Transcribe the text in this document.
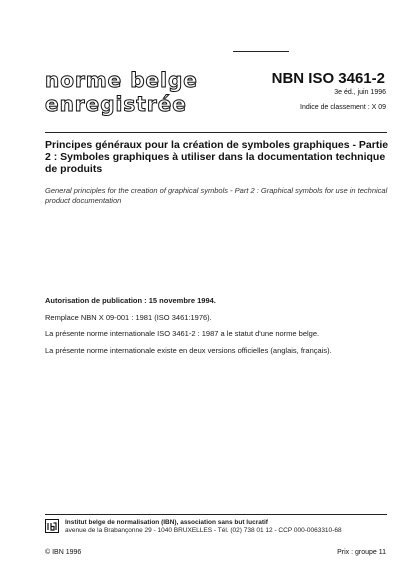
norme belge
enregistrée
NBN ISO 3461-2
3e éd., juin 1996
Indice de classement : X 09
Principes généraux pour la création de symboles graphiques - Partie 2 : Symboles graphiques à utiliser dans la documentation technique de produits
General principles for the creation of graphical symbols - Part 2 : Graphical symbols for use in technical product documentation
Autorisation de publication : 15 novembre 1994.
Remplace NBN X 09-001 : 1981 (ISO 3461:1976).
La présente norme internationale ISO 3461-2 : 1987 a le statut d'une norme belge.
La présente norme internationale existe en deux versions officielles (anglais, français).
Institut belge de normalisation (IBN), association sans but lucratif
avenue de la Brabançonne 29 - 1040 BRUXELLES - Tél. (02) 738 01 12 - CCP 000-0063310-68
© IBN 1996	Prix : groupe 11
